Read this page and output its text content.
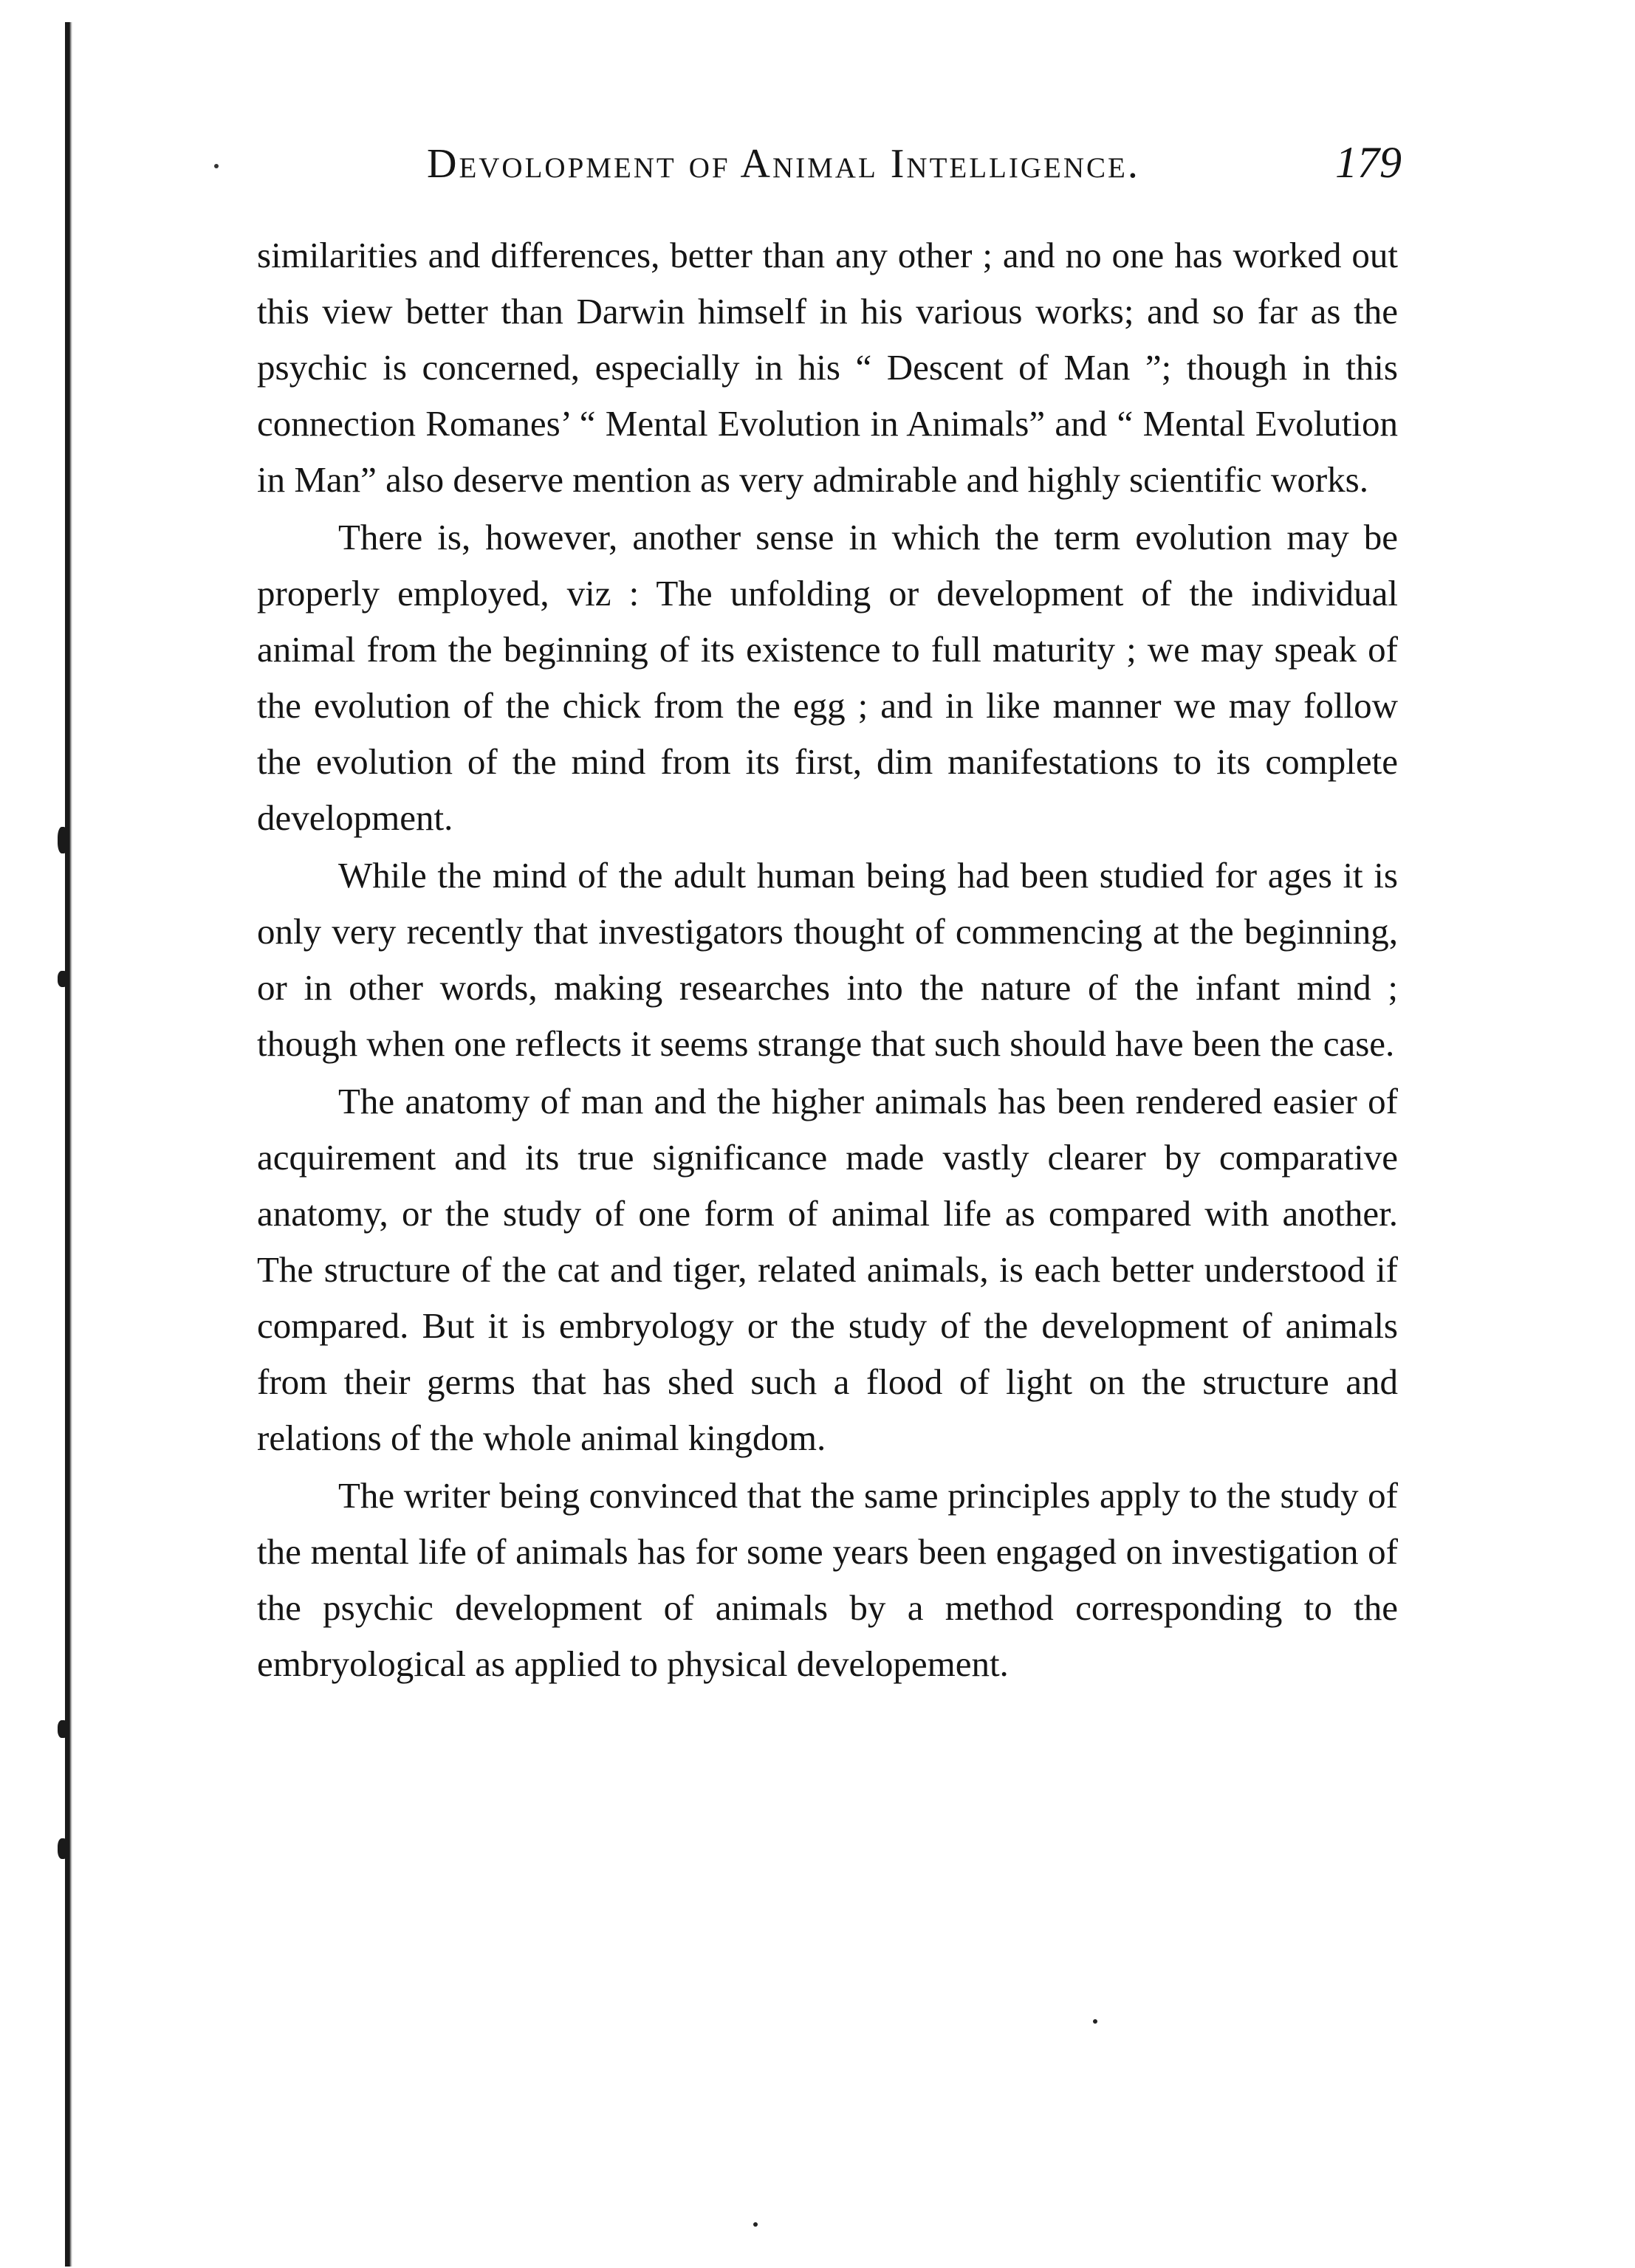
Devolopment of Animal Intelligence.	179

similarities and differences, better than any other ; and no one has worked out this view better than Darwin himself in his various works; and so far as the psychic is concerned, especially in his “ Descent of Man ”; though in this connection Romanes’ “ Mental Evolution in Animals” and “ Mental Evolution in Man” also deserve mention as very admirable and highly scientific works.

There is, however, another sense in which the term evolution may be properly employed, viz : The unfolding or development of the individual animal from the beginning of its existence to full maturity ; we may speak of the evolution of the chick from the egg ; and in like manner we may follow the evolution of the mind from its first, dim manifestations to its complete development.

While the mind of the adult human being had been studied for ages it is only very recently that investigators thought of commencing at the beginning, or in other words, making researches into the nature of the infant mind ; though when one reflects it seems strange that such should have been the case.

The anatomy of man and the higher animals has been rendered easier of acquirement and its true significance made vastly clearer by comparative anatomy, or the study of one form of animal life as compared with another. The structure of the cat and tiger, related animals, is each better understood if compared. But it is embryology or the study of the development of animals from their germs that has shed such a flood of light on the structure and relations of the whole animal kingdom.

The writer being convinced that the same principles apply to the study of the mental life of animals has for some years been engaged on investigation of the psychic development of animals by a method corresponding to the embryological as applied to physical developement.
